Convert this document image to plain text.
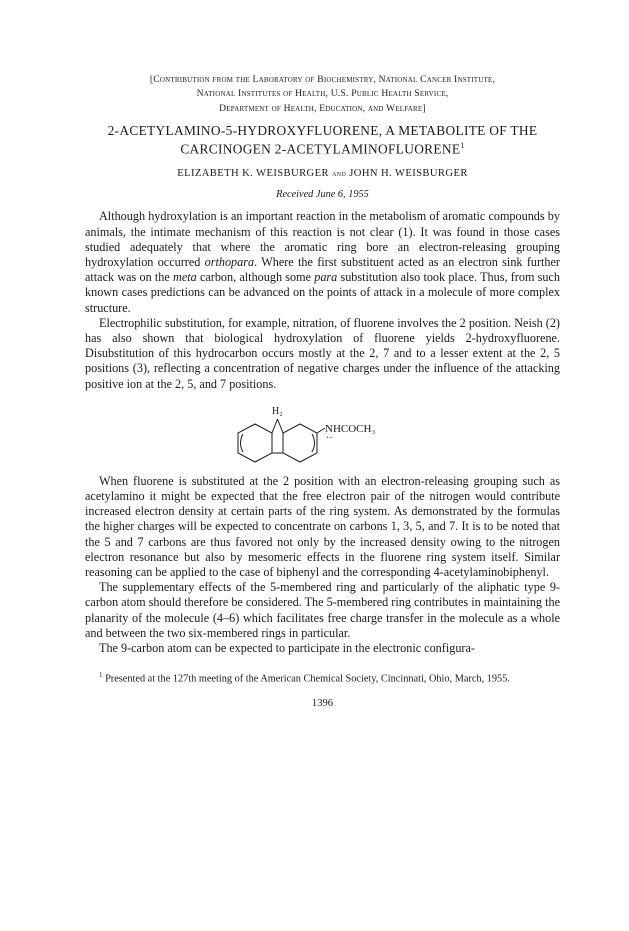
[Contribution from the Laboratory of Biochemistry, National Cancer Institute,
National Institutes of Health, U.S. Public Health Service,
Department of Health, Education, and Welfare]
2-ACETYLAMINO-5-HYDROXYFLUORENE, A METABOLITE OF THE
CARCINOGEN 2-ACETYLAMINOFLUORENE$^1$
ELIZABETH K. WEISBURGER and JOHN H. WEISBURGER
Received June 6, 1955

Although hydroxylation is an important reaction in the metabolism of aromatic compounds by animals, the intimate mechanism of this reaction is not clear (1). It was found in those cases studied adequately that where the aromatic ring bore an electron-releasing grouping hydroxylation occurred orthopara. Where the first substituent acted as an electron sink further attack was on the meta carbon, although some para substitution also took place. Thus, from such known cases predictions can be advanced on the points of attack in a molecule of more complex structure.

Electrophilic substitution, for example, nitration, of fluorene involves the 2 position. Neish (2) has also shown that biological hydroxylation of fluorene yields 2-hydroxyfluorene. Disubstitution of this hydrocarbon occurs mostly at the 2, 7 and to a lesser extent at the 2, 5 positions (3), reflecting a concentration of negative charges under the influence of the attacking positive ion at the 2, 5, and 7 positions.

H₂
NHCOCH₃
··

When fluorene is substituted at the 2 position with an electron-releasing grouping such as acetylamino it might be expected that the free electron pair of the nitrogen would contribute increased electron density at certain parts of the ring system. As demonstrated by the formulas the higher charges will be expected to concentrate on carbons 1, 3, 5, and 7. It is to be noted that the 5 and 7 carbons are thus favored not only by the increased density owing to the nitrogen electron resonance but also by mesomeric effects in the fluorene ring system itself. Similar reasoning can be applied to the case of biphenyl and the corresponding 4-acetylaminobiphenyl.

The supplementary effects of the 5-membered ring and particularly of the aliphatic type 9-carbon atom should therefore be considered. The 5-membered ring contributes in maintaining the planarity of the molecule (4–6) which facilitates free charge transfer in the molecule as a whole and between the two six-membered rings in particular.

The 9-carbon atom can be expected to participate in the electronic configura-

$^1$ Presented at the 127th meeting of the American Chemical Society, Cincinnati, Ohio, March, 1955.
1396
